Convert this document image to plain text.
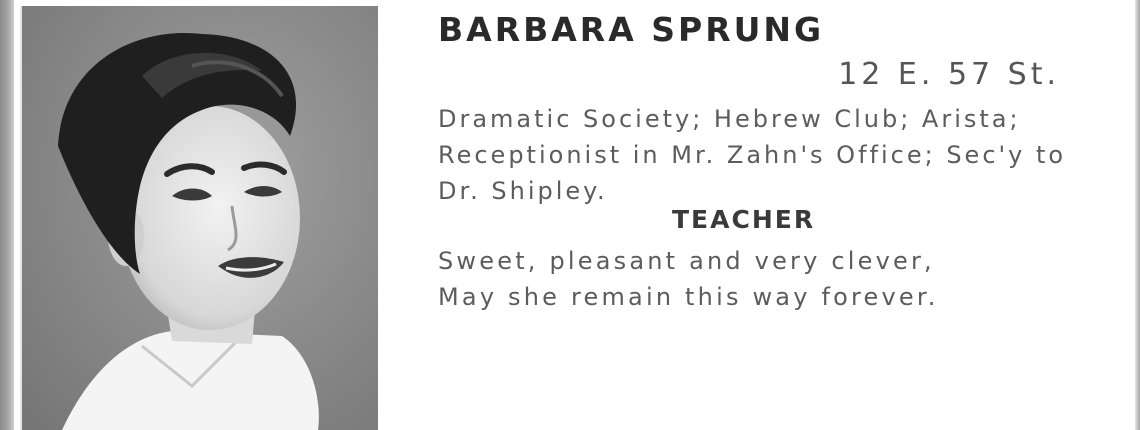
BARBARA SPRUNG
12 E. 57 St.
Dramatic Society; Hebrew Club; Arista; Receptionist in Mr. Zahn's Office; Sec'y to Dr. Shipley.
TEACHER
Sweet, pleasant and very clever,
May she remain this way forever.
